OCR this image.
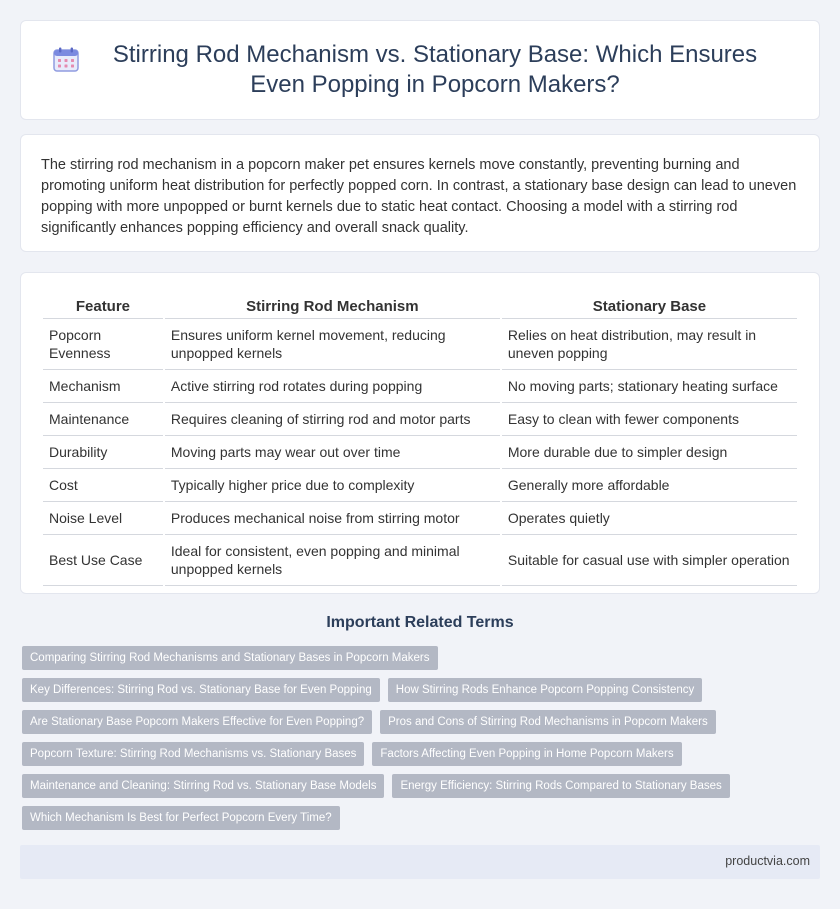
Stirring Rod Mechanism vs. Stationary Base: Which Ensures Even Popping in Popcorn Makers?

The stirring rod mechanism in a popcorn maker pet ensures kernels move constantly, preventing burning and promoting uniform heat distribution for perfectly popped corn. In contrast, a stationary base design can lead to uneven popping with more unpopped or burnt kernels due to static heat contact. Choosing a model with a stirring rod significantly enhances popping efficiency and overall snack quality.

Feature	Stirring Rod Mechanism	Stationary Base
Popcorn Evenness	Ensures uniform kernel movement, reducing unpopped kernels	Relies on heat distribution, may result in uneven popping
Mechanism	Active stirring rod rotates during popping	No moving parts; stationary heating surface
Maintenance	Requires cleaning of stirring rod and motor parts	Easy to clean with fewer components
Durability	Moving parts may wear out over time	More durable due to simpler design
Cost	Typically higher price due to complexity	Generally more affordable
Noise Level	Produces mechanical noise from stirring motor	Operates quietly
Best Use Case	Ideal for consistent, even popping and minimal unpopped kernels	Suitable for casual use with simpler operation
Important Related Terms
Comparing Stirring Rod Mechanisms and Stationary Bases in Popcorn Makers
Key Differences: Stirring Rod vs. Stationary Base for Even Popping	How Stirring Rods Enhance Popcorn Popping Consistency
Are Stationary Base Popcorn Makers Effective for Even Popping?	Pros and Cons of Stirring Rod Mechanisms in Popcorn Makers
Popcorn Texture: Stirring Rod Mechanisms vs. Stationary Bases	Factors Affecting Even Popping in Home Popcorn Makers
Maintenance and Cleaning: Stirring Rod vs. Stationary Base Models	Energy Efficiency: Stirring Rods Compared to Stationary Bases
Which Mechanism Is Best for Perfect Popcorn Every Time?
productvia.com
